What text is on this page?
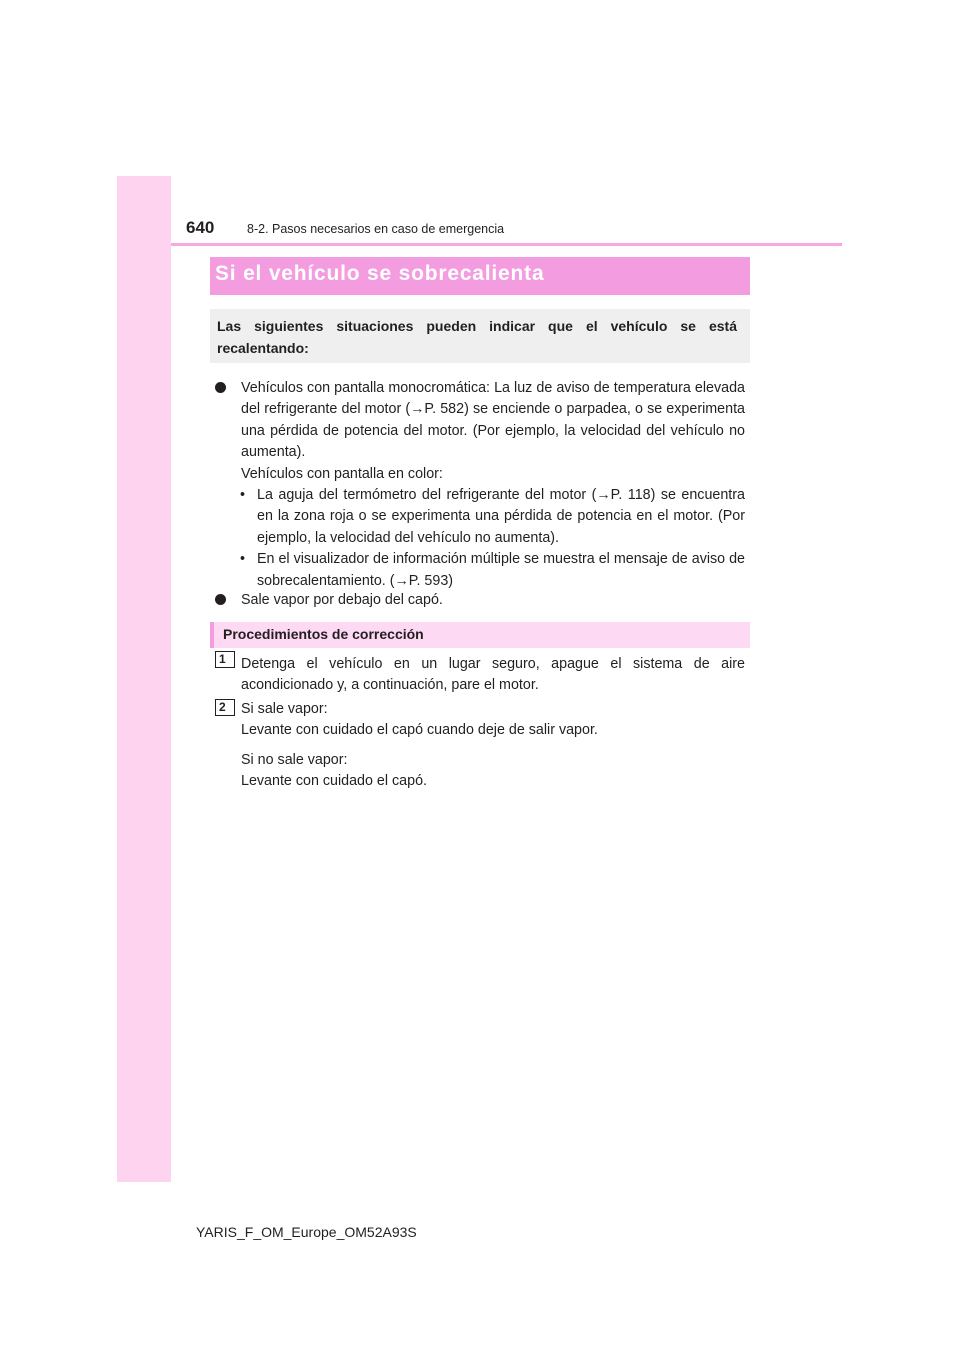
640	8-2. Pasos necesarios en caso de emergencia
Si el vehículo se sobrecalienta
Las siguientes situaciones pueden indicar que el vehículo se está recalentando:
Vehículos con pantalla monocromática: La luz de aviso de temperatura elevada del refrigerante del motor (→P. 582) se enciende o parpadea, o se experimenta una pérdida de potencia del motor. (Por ejemplo, la velocidad del vehículo no aumenta).
Vehículos con pantalla en color:
• La aguja del termómetro del refrigerante del motor (→P. 118) se encuentra en la zona roja o se experimenta una pérdida de potencia en el motor. (Por ejemplo, la velocidad del vehículo no aumenta).
• En el visualizador de información múltiple se muestra el mensaje de aviso de sobrecalentamiento. (→P. 593)
Sale vapor por debajo del capó.
Procedimientos de corrección
1	Detenga el vehículo en un lugar seguro, apague el sistema de aire acondicionado y, a continuación, pare el motor.
2	Si sale vapor:
Levante con cuidado el capó cuando deje de salir vapor.
Si no sale vapor:
Levante con cuidado el capó.
YARIS_F_OM_Europe_OM52A93S
